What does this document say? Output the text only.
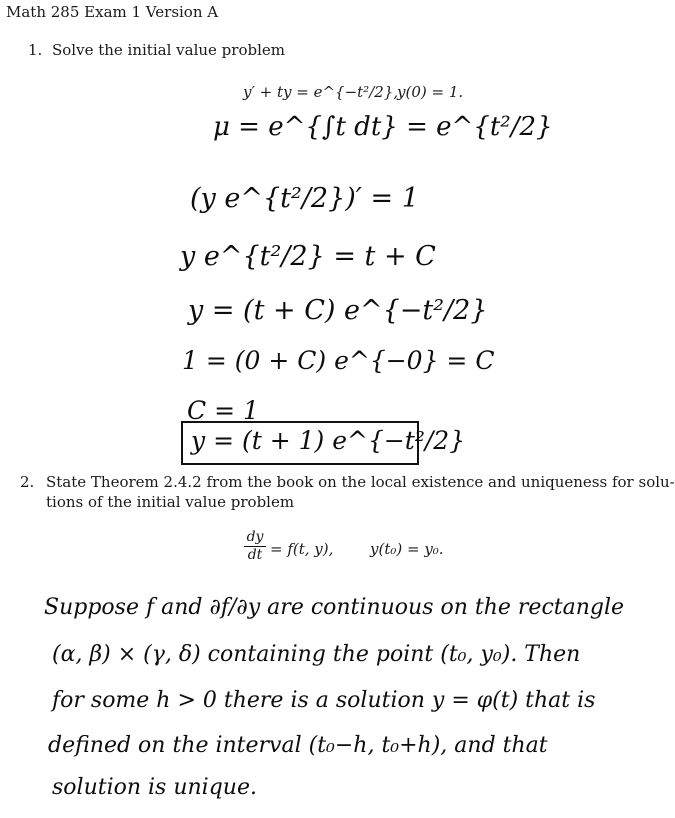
Math 285 Exam 1 Version A
1. Solve the initial value problem
y′ + ty = e^{−t²/2},
y(0) = 1.
μ = e^{∫t dt} = e^{t²/2}
(y e^{t²/2})′ = 1
y e^{t²/2} = t + C
y = (t + C) e^{−t²/2}
1 = (0 + C) e^{−0} = C
C = 1
y = (t + 1) e^{−t²/2}
2. State Theorem 2.4.2 from the book on the local existence and uniqueness for solu-
tions of the initial value problem
$\frac{dy}{dt} = f(t$, y), y(t₀) = y₀.
Suppose f and ∂f/∂y are continuous on the rectangle
(α, β) × (γ, δ) containing the point (t₀, y₀). Then
for some h > 0 there is a solution y = φ(t) that is
defined on the interval (t₀−h, t₀+h), and that
solution is unique.
